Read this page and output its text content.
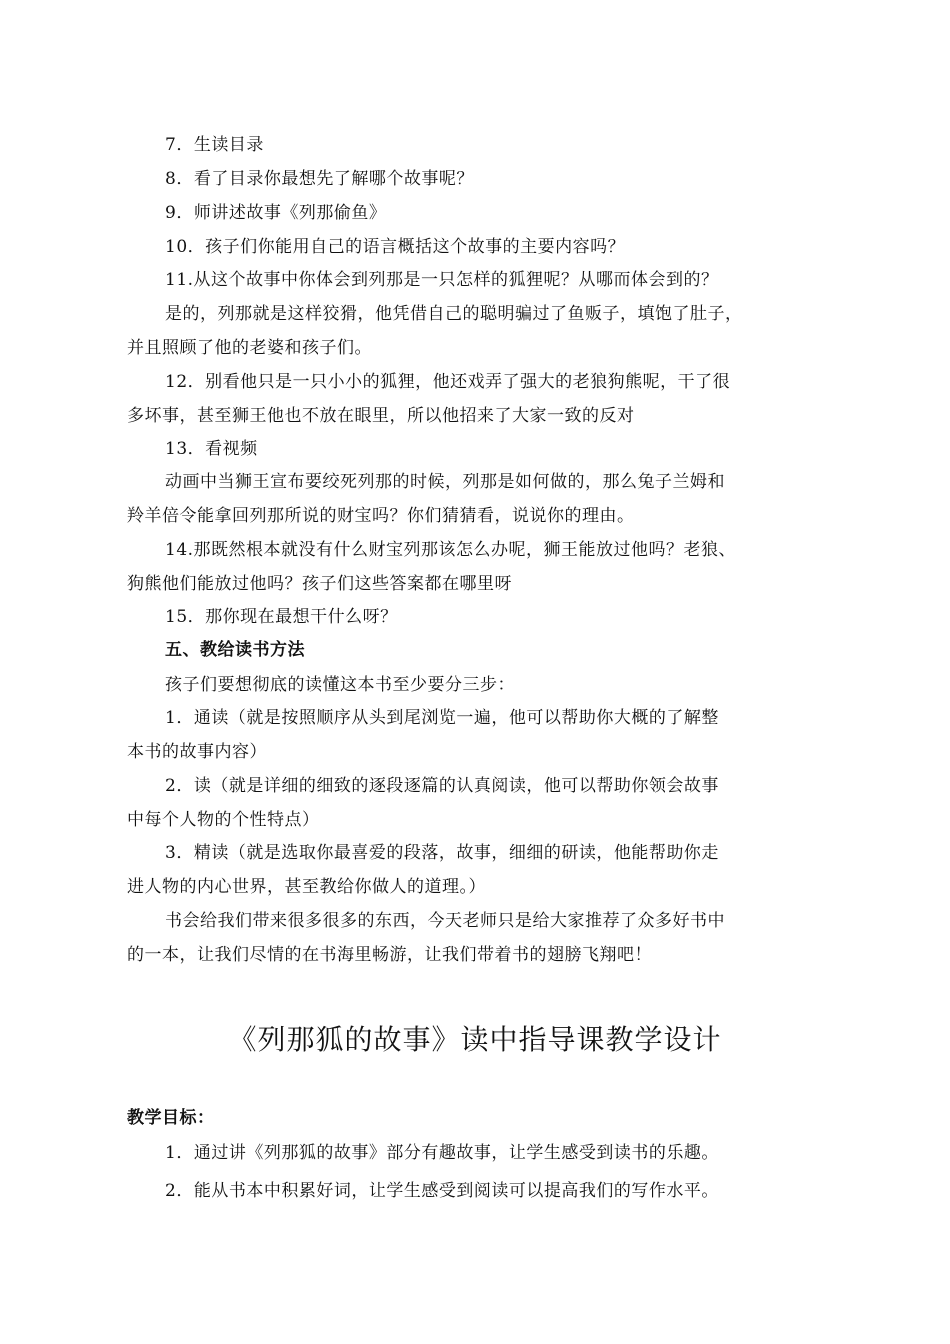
7．生读目录
8．看了目录你最想先了解哪个故事呢？
9．师讲述故事《列那偷鱼》
10．孩子们你能用自己的语言概括这个故事的主要内容吗？
11.从这个故事中你体会到列那是一只怎样的狐狸呢？从哪而体会到的？
是的，列那就是这样狡猾，他凭借自己的聪明骗过了鱼贩子，填饱了肚子，
并且照顾了他的老婆和孩子们。
12．别看他只是一只小小的狐狸，他还戏弄了强大的老狼狗熊呢，干了很
多坏事，甚至狮王他也不放在眼里，所以他招来了大家一致的反对
13．看视频
动画中当狮王宣布要绞死列那的时候，列那是如何做的，那么兔子兰姆和
羚羊倍令能拿回列那所说的财宝吗？你们猜猜看，说说你的理由。
14.那既然根本就没有什么财宝列那该怎么办呢，狮王能放过他吗？老狼、
狗熊他们能放过他吗？孩子们这些答案都在哪里呀
15．那你现在最想干什么呀？
五、教给读书方法
孩子们要想彻底的读懂这本书至少要分三步：
1．通读（就是按照顺序从头到尾浏览一遍，他可以帮助你大概的了解整
本书的故事内容）
2．读（就是详细的细致的逐段逐篇的认真阅读，他可以帮助你领会故事
中每个人物的个性特点）
3．精读（就是选取你最喜爱的段落，故事，细细的研读，他能帮助你走
进人物的内心世界，甚至教给你做人的道理。）
书会给我们带来很多很多的东西，今天老师只是给大家推荐了众多好书中
的一本，让我们尽情的在书海里畅游，让我们带着书的翅膀飞翔吧！
《列那狐的故事》读中指导课教学设计
教学目标：
1．通过讲《列那狐的故事》部分有趣故事，让学生感受到读书的乐趣。
2．能从书本中积累好词，让学生感受到阅读可以提高我们的写作水平。
